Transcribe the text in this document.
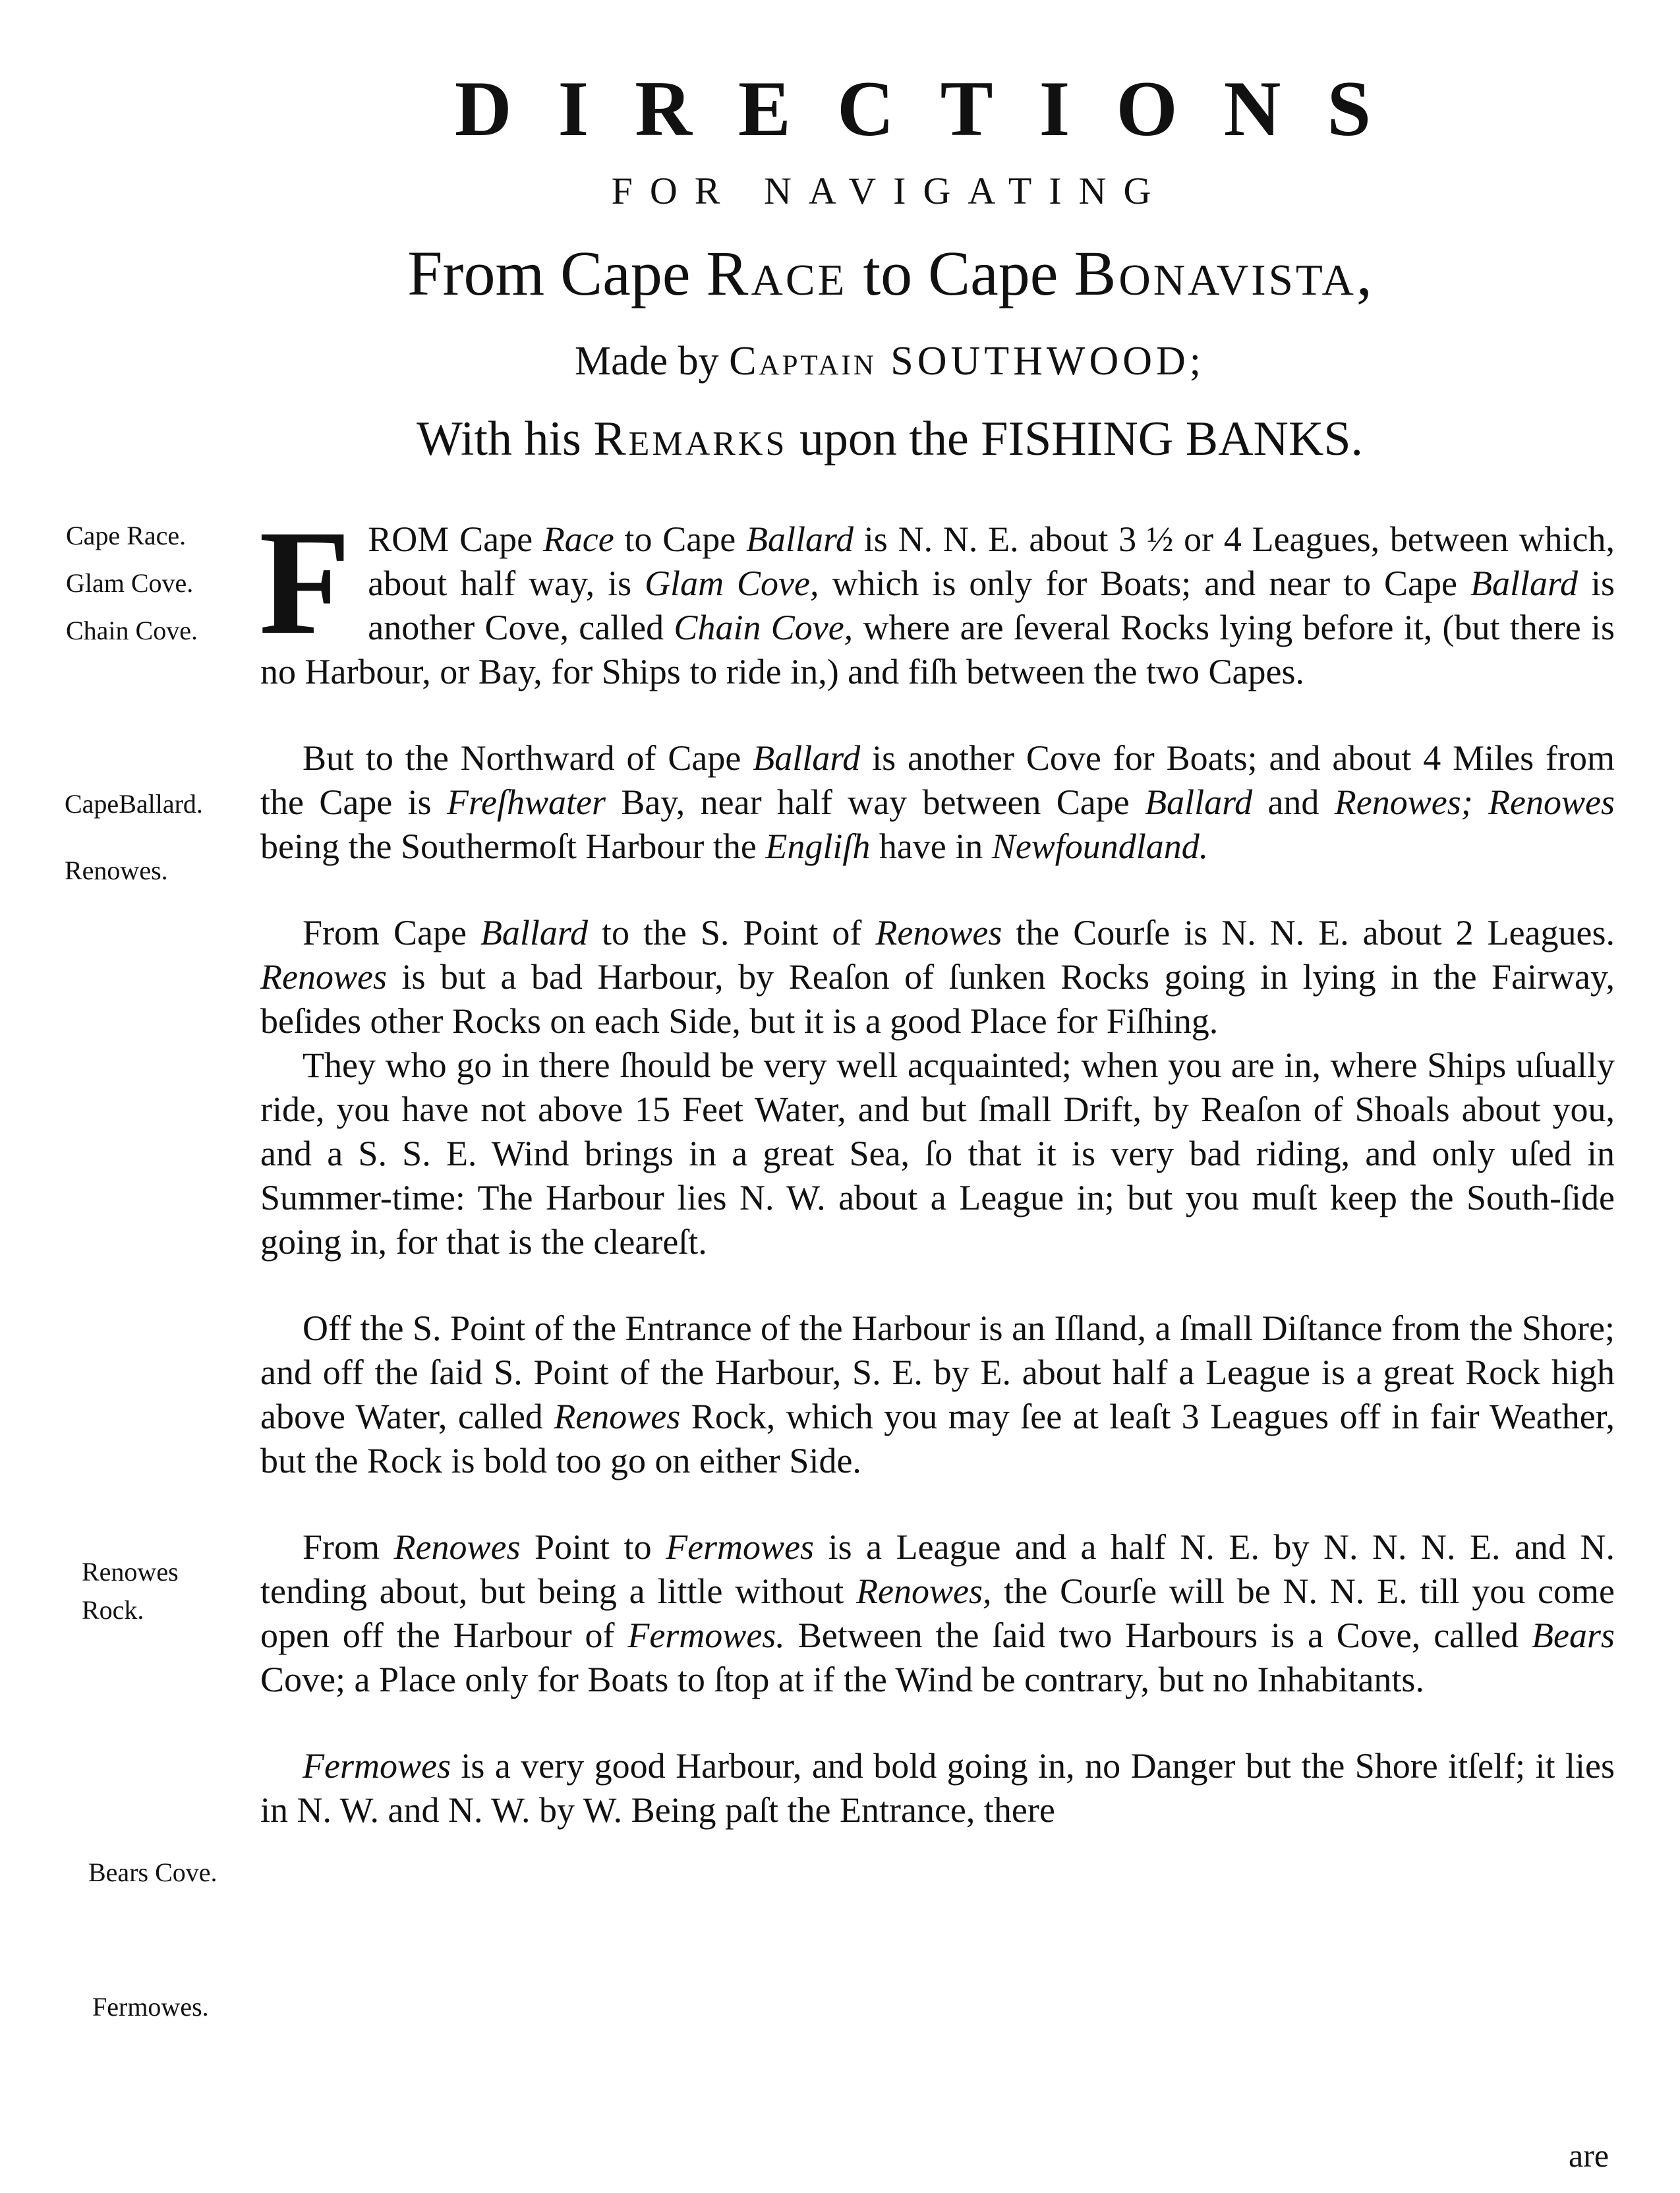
DIRECTIONS
FOR NAVIGATING
From Cape Race to Cape Bonavista,
Made by Captain SOUTHWOOD;
With his Remarks upon the FISHING BANKS.
Cape Race.
Glam Cove.
Chain Cove.
CapeBallard.
Renowes.
Renowes
Rock.
Bears Cove.
Fermowes.

FROM Cape Race to Cape Ballard is N. N. E. about 3 ½ or 4 Leagues, between which, about half way, is Glam Cove, which is only for Boats; and near to Cape Ballard is another Cove, called Chain Cove, where are ſeveral Rocks lying before it, (but there is no Harbour, or Bay, for Ships to ride in,) and fiſh between the two Capes.

But to the Northward of Cape Ballard is another Cove for Boats; and about 4 Miles from the Cape is Freſhwater Bay, near half way between Cape Ballard and Renowes; Renowes being the Southermoſt Harbour the Engliſh have in Newfoundland.

From Cape Ballard to the S. Point of Renowes the Courſe is N. N. E. about 2 Leagues. Renowes is but a bad Harbour, by Reaſon of ſunken Rocks going in lying in the Fairway, beſides other Rocks on each Side, but it is a good Place for Fiſhing.

They who go in there ſhould be very well acquainted; when you are in, where Ships uſually ride, you have not above 15 Feet Water, and but ſmall Drift, by Reaſon of Shoals about you, and a S. S. E. Wind brings in a great Sea, ſo that it is very bad riding, and only uſed in Summer-time: The Harbour lies N. W. about a League in; but you muſt keep the South-ſide going in, for that is the cleareſt.

Off the S. Point of the Entrance of the Harbour is an Iſland, a ſmall Diſtance from the Shore; and off the ſaid S. Point of the Harbour, S. E. by E. about half a League is a great Rock high above Water, called Renowes Rock, which you may ſee at leaſt 3 Leagues off in fair Weather, but the Rock is bold too go on either Side.

From Renowes Point to Fermowes is a League and a half N. E. by N. N. N. E. and N. tending about, but being a little without Renowes, the Courſe will be N. N. E. till you come open off the Harbour of Fermowes. Between the ſaid two Harbours is a Cove, called Bears Cove; a Place only for Boats to ſtop at if the Wind be contrary, but no Inhabitants.

Fermowes is a very good Harbour, and bold going in, no Danger but the Shore itſelf; it lies in N. W. and N. W. by W. Being paſt the Entrance, there

are
